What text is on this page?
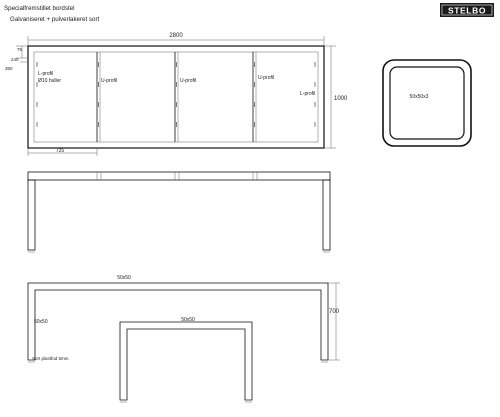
Specialfremstillet bordstel
Galvaniseret + pulverlakeret sort
STELBO
2800
L-profil
Ø10 huller	U-profil	U-profil	U-profil
L-profil
75
240
360
1000
725
50x50x3
50x50
50x50	50x50
700
Sort plastfod 5mm
